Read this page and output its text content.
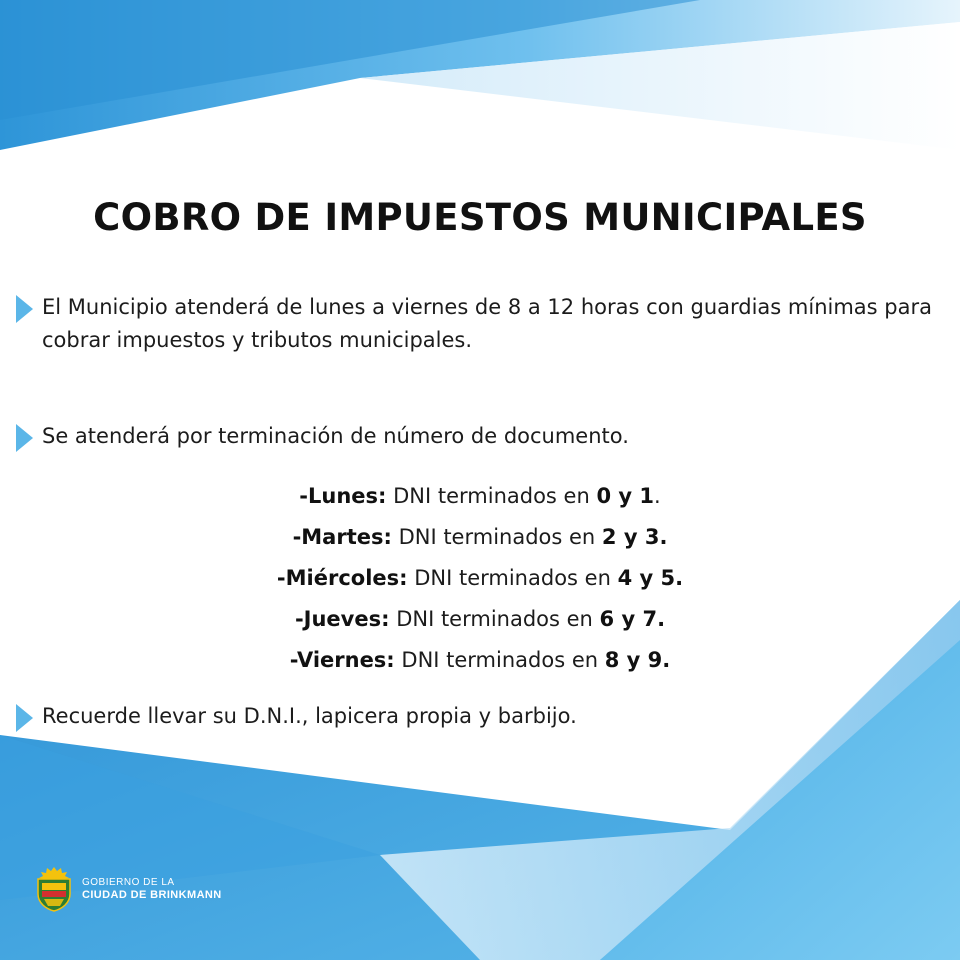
COBRO DE IMPUESTOS MUNICIPALES
El Municipio atenderá de lunes a viernes de 8 a 12 horas con guardias mínimas para cobrar impuestos y tributos municipales.
Se atenderá por terminación de número de documento.
-Lunes: DNI terminados en 0 y 1.
-Martes: DNI terminados en 2 y 3.
-Miércoles: DNI terminados en 4 y 5.
-Jueves: DNI terminados en 6 y 7.
-Viernes: DNI terminados en 8 y 9.
Recuerde llevar su D.N.I., lapicera propia y barbijo.
GOBIERNO DE LA
CIUDAD DE BRINKMANN
